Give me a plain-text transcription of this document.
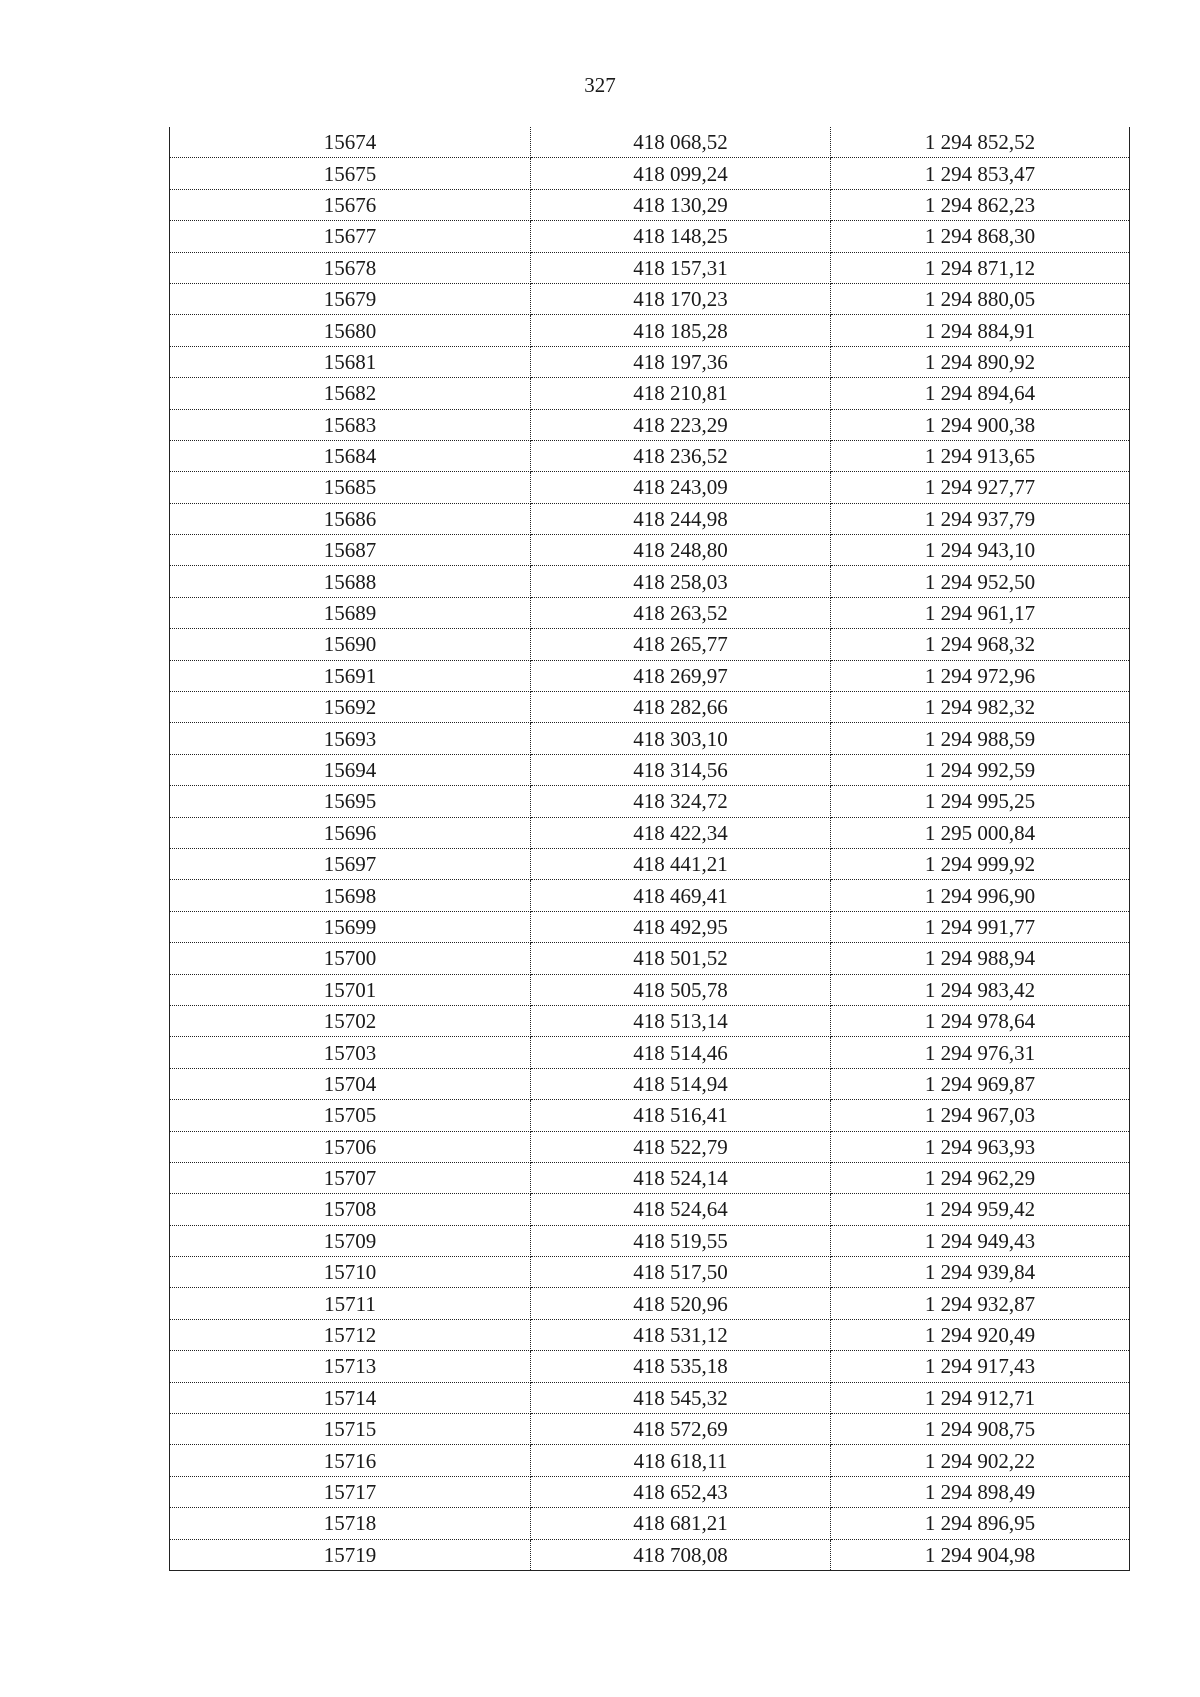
327
15674	418 068,52	1 294 852,52
15675	418 099,24	1 294 853,47
15676	418 130,29	1 294 862,23
15677	418 148,25	1 294 868,30
15678	418 157,31	1 294 871,12
15679	418 170,23	1 294 880,05
15680	418 185,28	1 294 884,91
15681	418 197,36	1 294 890,92
15682	418 210,81	1 294 894,64
15683	418 223,29	1 294 900,38
15684	418 236,52	1 294 913,65
15685	418 243,09	1 294 927,77
15686	418 244,98	1 294 937,79
15687	418 248,80	1 294 943,10
15688	418 258,03	1 294 952,50
15689	418 263,52	1 294 961,17
15690	418 265,77	1 294 968,32
15691	418 269,97	1 294 972,96
15692	418 282,66	1 294 982,32
15693	418 303,10	1 294 988,59
15694	418 314,56	1 294 992,59
15695	418 324,72	1 294 995,25
15696	418 422,34	1 295 000,84
15697	418 441,21	1 294 999,92
15698	418 469,41	1 294 996,90
15699	418 492,95	1 294 991,77
15700	418 501,52	1 294 988,94
15701	418 505,78	1 294 983,42
15702	418 513,14	1 294 978,64
15703	418 514,46	1 294 976,31
15704	418 514,94	1 294 969,87
15705	418 516,41	1 294 967,03
15706	418 522,79	1 294 963,93
15707	418 524,14	1 294 962,29
15708	418 524,64	1 294 959,42
15709	418 519,55	1 294 949,43
15710	418 517,50	1 294 939,84
15711	418 520,96	1 294 932,87
15712	418 531,12	1 294 920,49
15713	418 535,18	1 294 917,43
15714	418 545,32	1 294 912,71
15715	418 572,69	1 294 908,75
15716	418 618,11	1 294 902,22
15717	418 652,43	1 294 898,49
15718	418 681,21	1 294 896,95
15719	418 708,08	1 294 904,98
